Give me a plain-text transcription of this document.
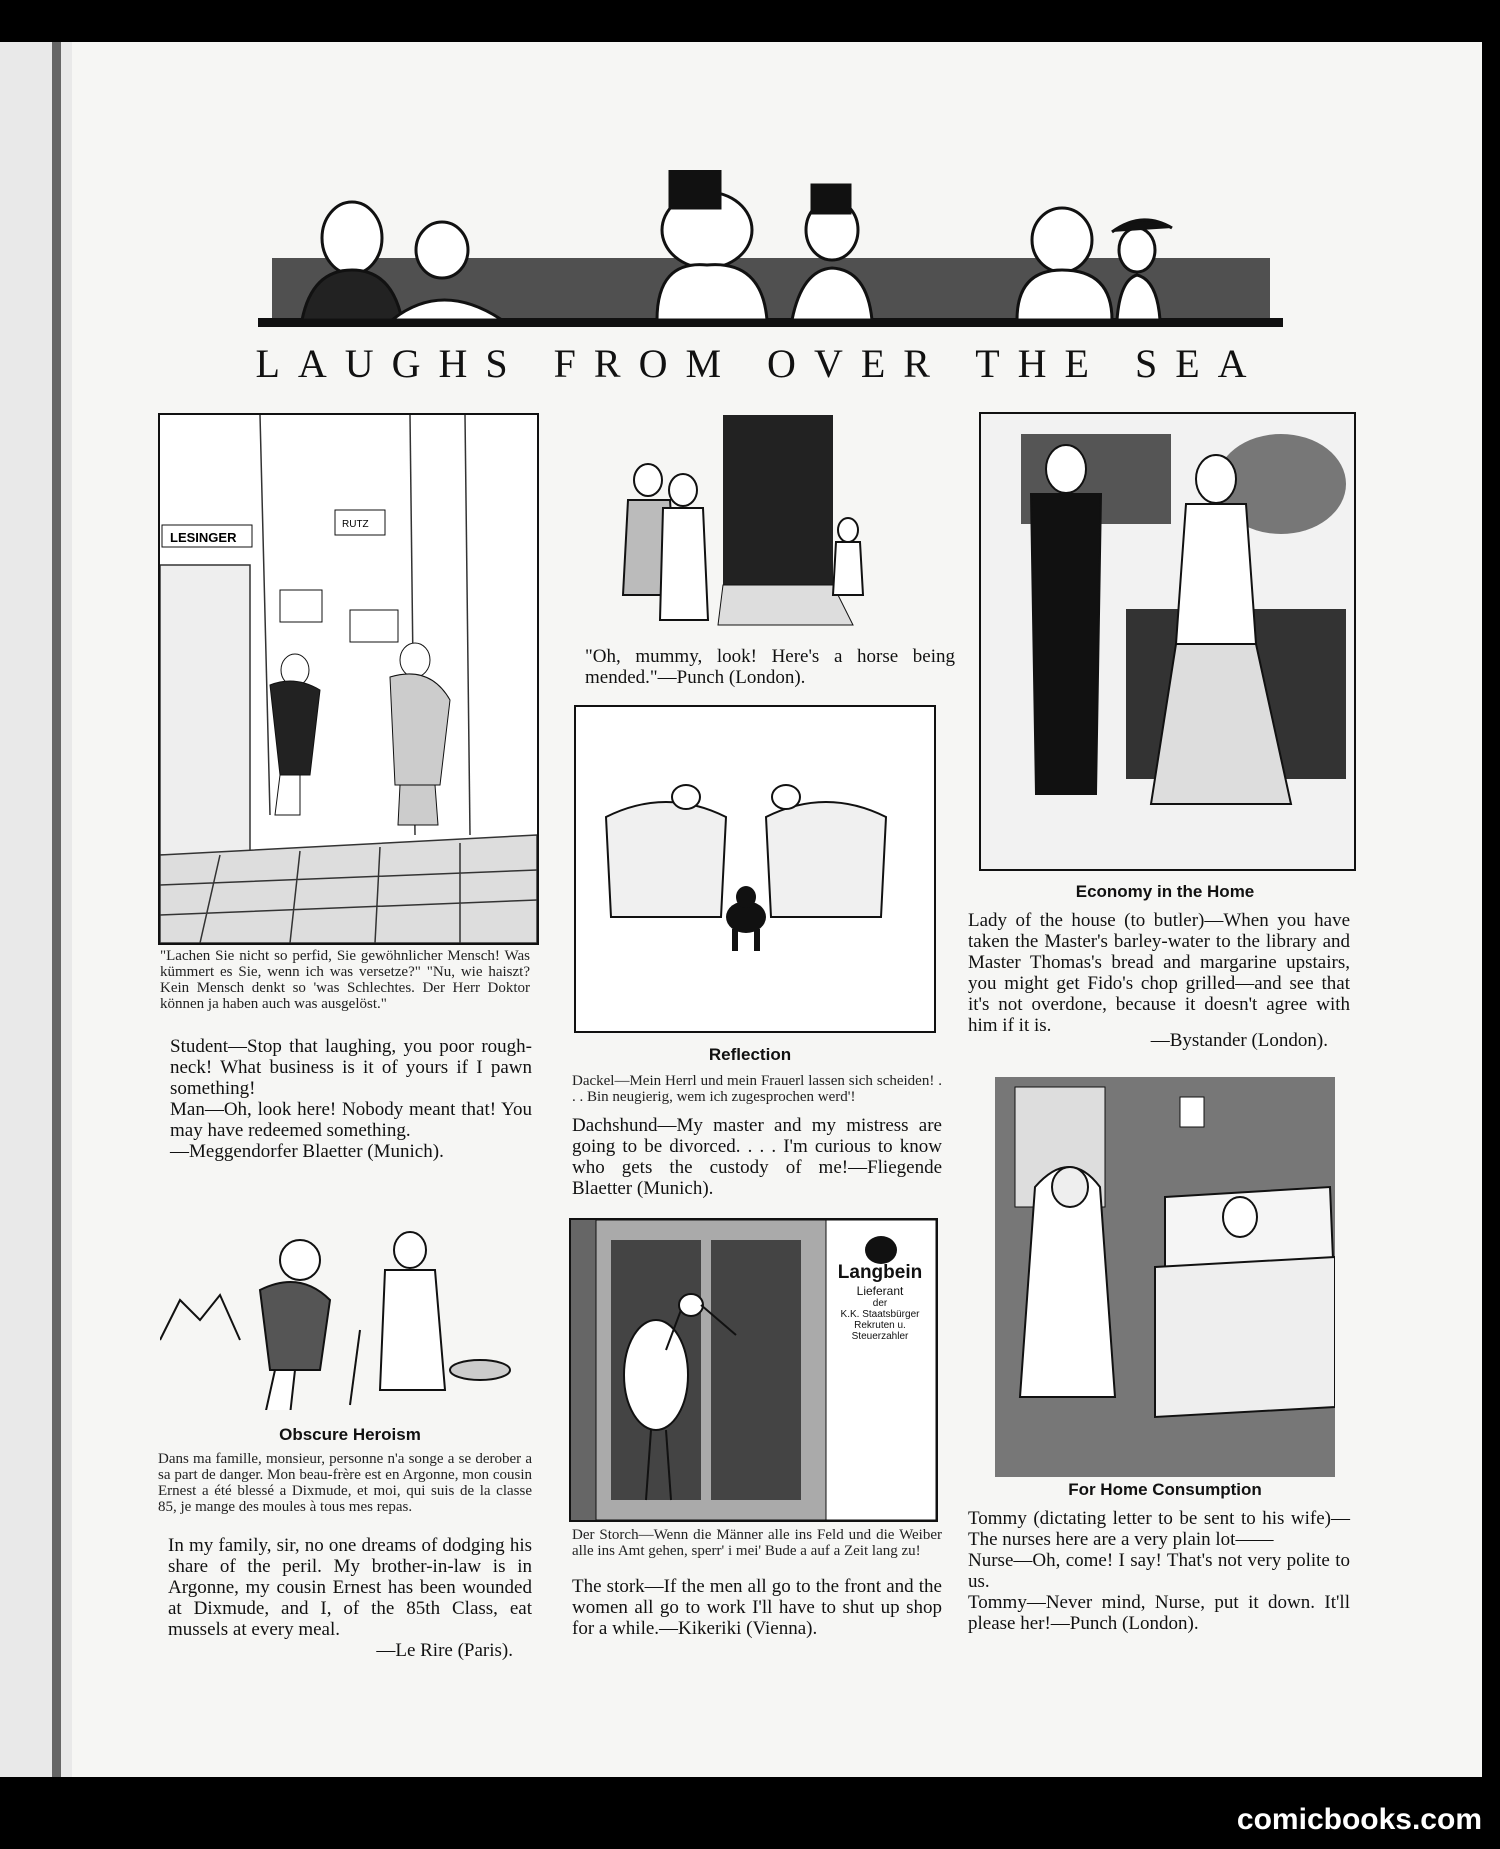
LAUGHS FROM OVER THE SEA
LESINGER
RUTZ
"Lachen Sie nicht so perfid, Sie gewöhnlicher Mensch! Was kümmert es Sie, wenn ich was versetze?" "Nu, wie haiszt? Kein Mensch denkt so 'was Schlechtes. Der Herr Doktor können ja haben auch was ausgelöst."

Student—Stop that laughing, you poor rough-neck! What business is it of yours if I pawn something!

Man—Oh, look here! Nobody meant that! You may have redeemed something.

—Meggendorfer Blaetter (Munich).

Obscure Heroism
Dans ma famille, monsieur, personne n'a songe a se derober a sa part de danger. Mon beau-frère est en Argonne, mon cousin Ernest a été blessé a Dixmude, et moi, qui suis de la classe 85, je mange des moules à tous mes repas.
In my family, sir, no one dreams of dodging his share of the peril. My brother-in-law is in Argonne, my cousin Ernest has been wounded at Dixmude, and I, of the 85th Class, eat mussels at every meal.
—Le Rire (Paris).
"Oh, mummy, look! Here's a horse being mended."—Punch (London).
Reflection
Dackel—Mein Herrl und mein Frauerl lassen sich scheiden! . . . Bin neugierig, wem ich zugesprochen werd'!
Dachshund—My master and my mistress are going to be divorced. . . . I'm curious to know who gets the custody of me!—Fliegende Blaetter (Munich).
Langbein
Lieferant
der
K.K. Staatsbürger
Rekruten u.
Steuerzahler
Der Storch—Wenn die Männer alle ins Feld und die Weiber alle ins Amt gehen, sperr' i mei' Bude a auf a Zeit lang zu!
The stork—If the men all go to the front and the women all go to work I'll have to shut up shop for a while.—Kikeriki (Vienna).
Economy in the Home
Lady of the house (to butler)—When you have taken the Master's barley-water to the library and Master Thomas's bread and margarine upstairs, you might get Fido's chop grilled—and see that it's not overdone, because it doesn't agree with him if it is.
—Bystander (London).
For Home Consumption

Tommy (dictating letter to be sent to his wife)—The nurses here are a very plain lot——

Nurse—Oh, come! I say! That's not very polite to us.

Tommy—Never mind, Nurse, put it down. It'll please her!—Punch (London).

comicbooks.com
